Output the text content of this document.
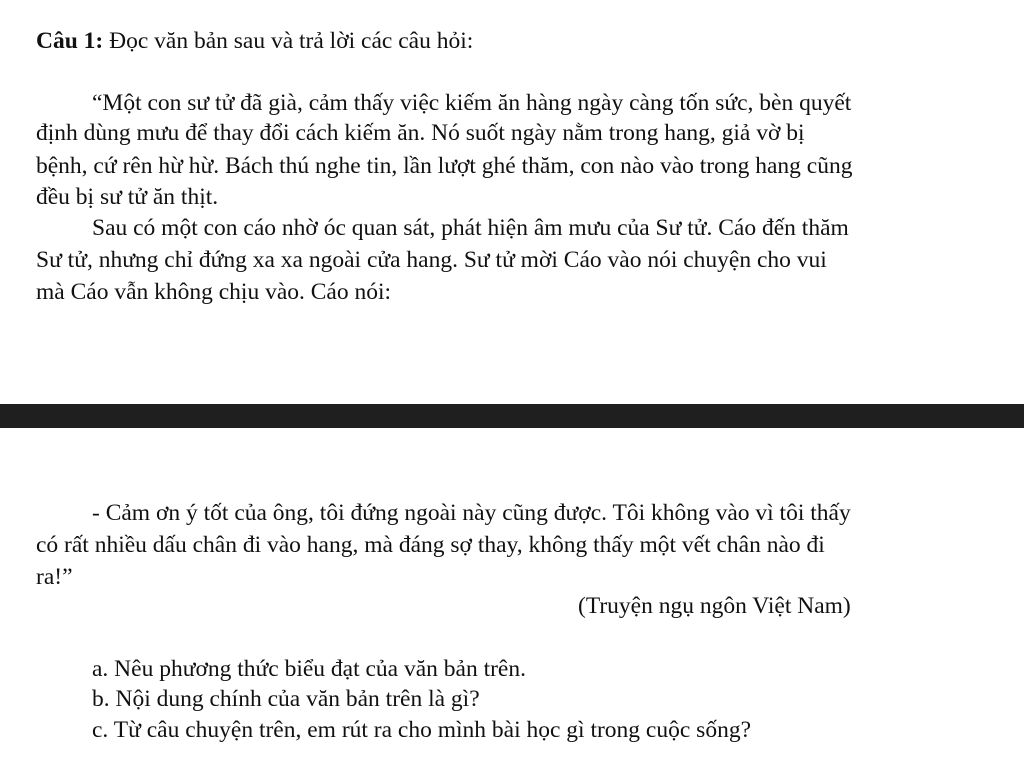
Câu 1: Đọc văn bản sau và trả lời các câu hỏi:
“Một con sư tử đã già, cảm thấy việc kiếm ăn hàng ngày càng tốn sức, bèn quyết
định dùng mưu để thay đổi cách kiếm ăn. Nó suốt ngày nằm trong hang, giả vờ bị
bệnh, cứ rên hừ hừ. Bách thú nghe tin, lần lượt ghé thăm, con nào vào trong hang cũng
đều bị sư tử ăn thịt.
Sau có một con cáo nhờ óc quan sát, phát hiện âm mưu của Sư tử. Cáo đến thăm
Sư tử, nhưng chỉ đứng xa xa ngoài cửa hang. Sư tử mời Cáo vào nói chuyện cho vui
mà Cáo vẫn không chịu vào. Cáo nói:
- Cảm ơn ý tốt của ông, tôi đứng ngoài này cũng được. Tôi không vào vì tôi thấy
có rất nhiều dấu chân đi vào hang, mà đáng sợ thay, không thấy một vết chân nào đi
ra!”
(Truyện ngụ ngôn Việt Nam)
a. Nêu phương thức biểu đạt của văn bản trên.
b. Nội dung chính của văn bản trên là gì?
c. Từ câu chuyện trên, em rút ra cho mình bài học gì trong cuộc sống?
